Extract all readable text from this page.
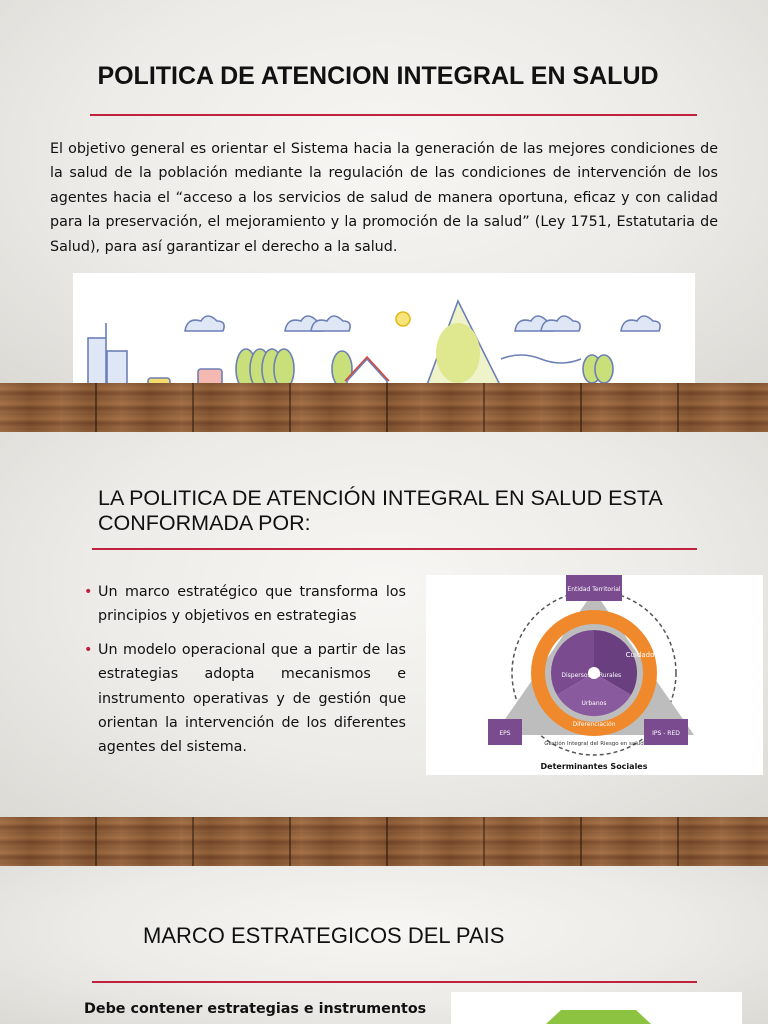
POLITICA DE ATENCION INTEGRAL EN SALUD

El objetivo general es orientar el Sistema hacia la generación de las mejores condiciones de la salud de la población mediante la regulación de las condiciones de intervención de los agentes hacia el “acceso a los servicios de salud de manera oportuna, eficaz y con calidad para la preservación, el mejoramiento y la promoción de la salud” (Ley 1751, Estatutaria de Salud), para así garantizar el derecho a la salud.

LA POLITICA DE ATENCIÓN INTEGRAL EN SALUD ESTA
CONFORMADA POR:
• Un marco estratégico que transforma los principios y objetivos en estrategias
• Un modelo operacional que a partir de las estrategias adopta mecanismos e instrumento operativas y de gestión que orientan la intervención de los diferentes agentes del sistema.
Entidad Territorial
EPS	IPS - RED
Dispersos Rurales
Urbanos
Cuidado
Diferenciación
Gestión Integral del Riesgo en salud
Determinantes Sociales
MARCO ESTRATEGICOS DEL PAIS

Debe contener estrategias e instrumentos
